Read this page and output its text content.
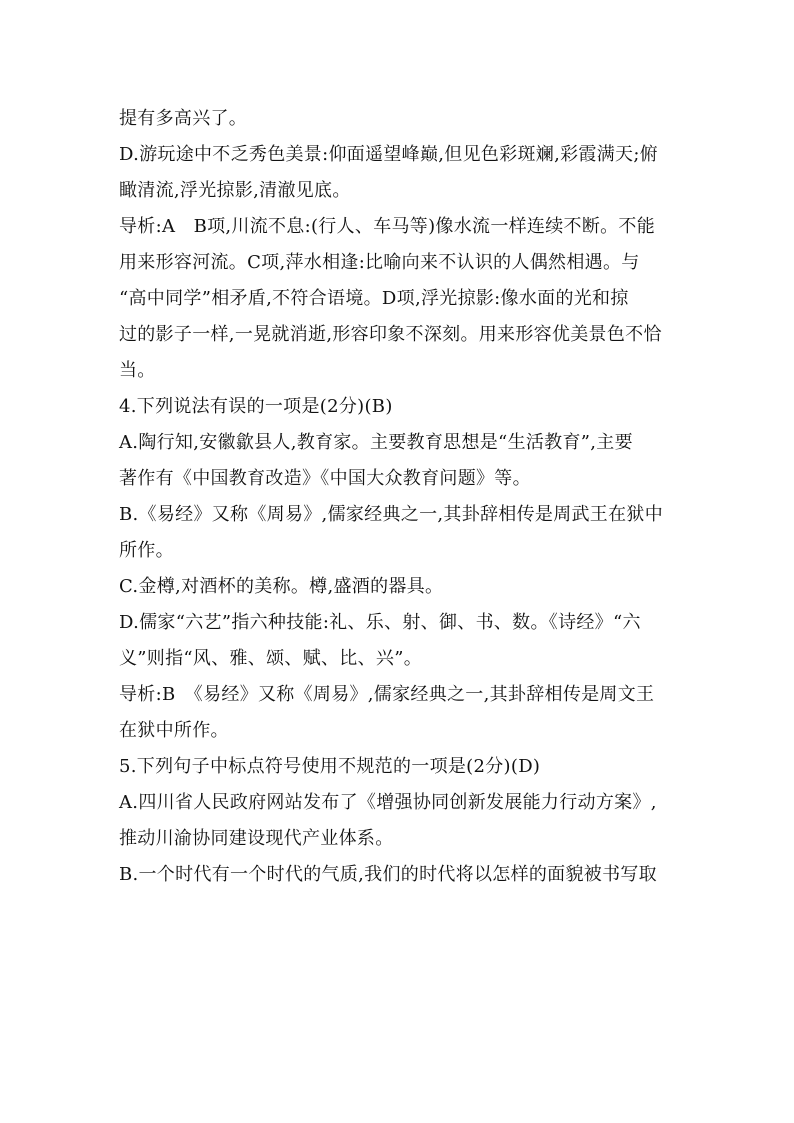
提有多高兴了。
D.游玩途中不乏秀色美景:仰面遥望峰巅,但见色彩斑斓,彩霞满天;俯
瞰清流,浮光掠影,清澈见底。
导析:A　B项,川流不息:(行人、车马等)像水流一样连续不断。不能
用来形容河流。C项,萍水相逢:比喻向来不认识的人偶然相遇。与
“高中同学”相矛盾,不符合语境。D项,浮光掠影:像水面的光和掠
过的影子一样,一晃就消逝,形容印象不深刻。用来形容优美景色不恰
当。
4.下列说法有误的一项是(2分)(B)
A.陶行知,安徽歙县人,教育家。主要教育思想是“生活教育”,主要
著作有《中国教育改造》《中国大众教育问题》等。
B.《易经》又称《周易》,儒家经典之一,其卦辞相传是周武王在狱中
所作。
C.金樽,对酒杯的美称。樽,盛酒的器具。
D.儒家“六艺”指六种技能:礼、乐、射、御、书、数。《诗经》“六
义”则指“风、雅、颂、赋、比、兴”。
导析:B　《易经》又称《周易》,儒家经典之一,其卦辞相传是周文王
在狱中所作。
5.下列句子中标点符号使用不规范的一项是(2分)(D)
A.四川省人民政府网站发布了《增强协同创新发展能力行动方案》,
推动川渝协同建设现代产业体系。
B.一个时代有一个时代的气质,我们的时代将以怎样的面貌被书写取
